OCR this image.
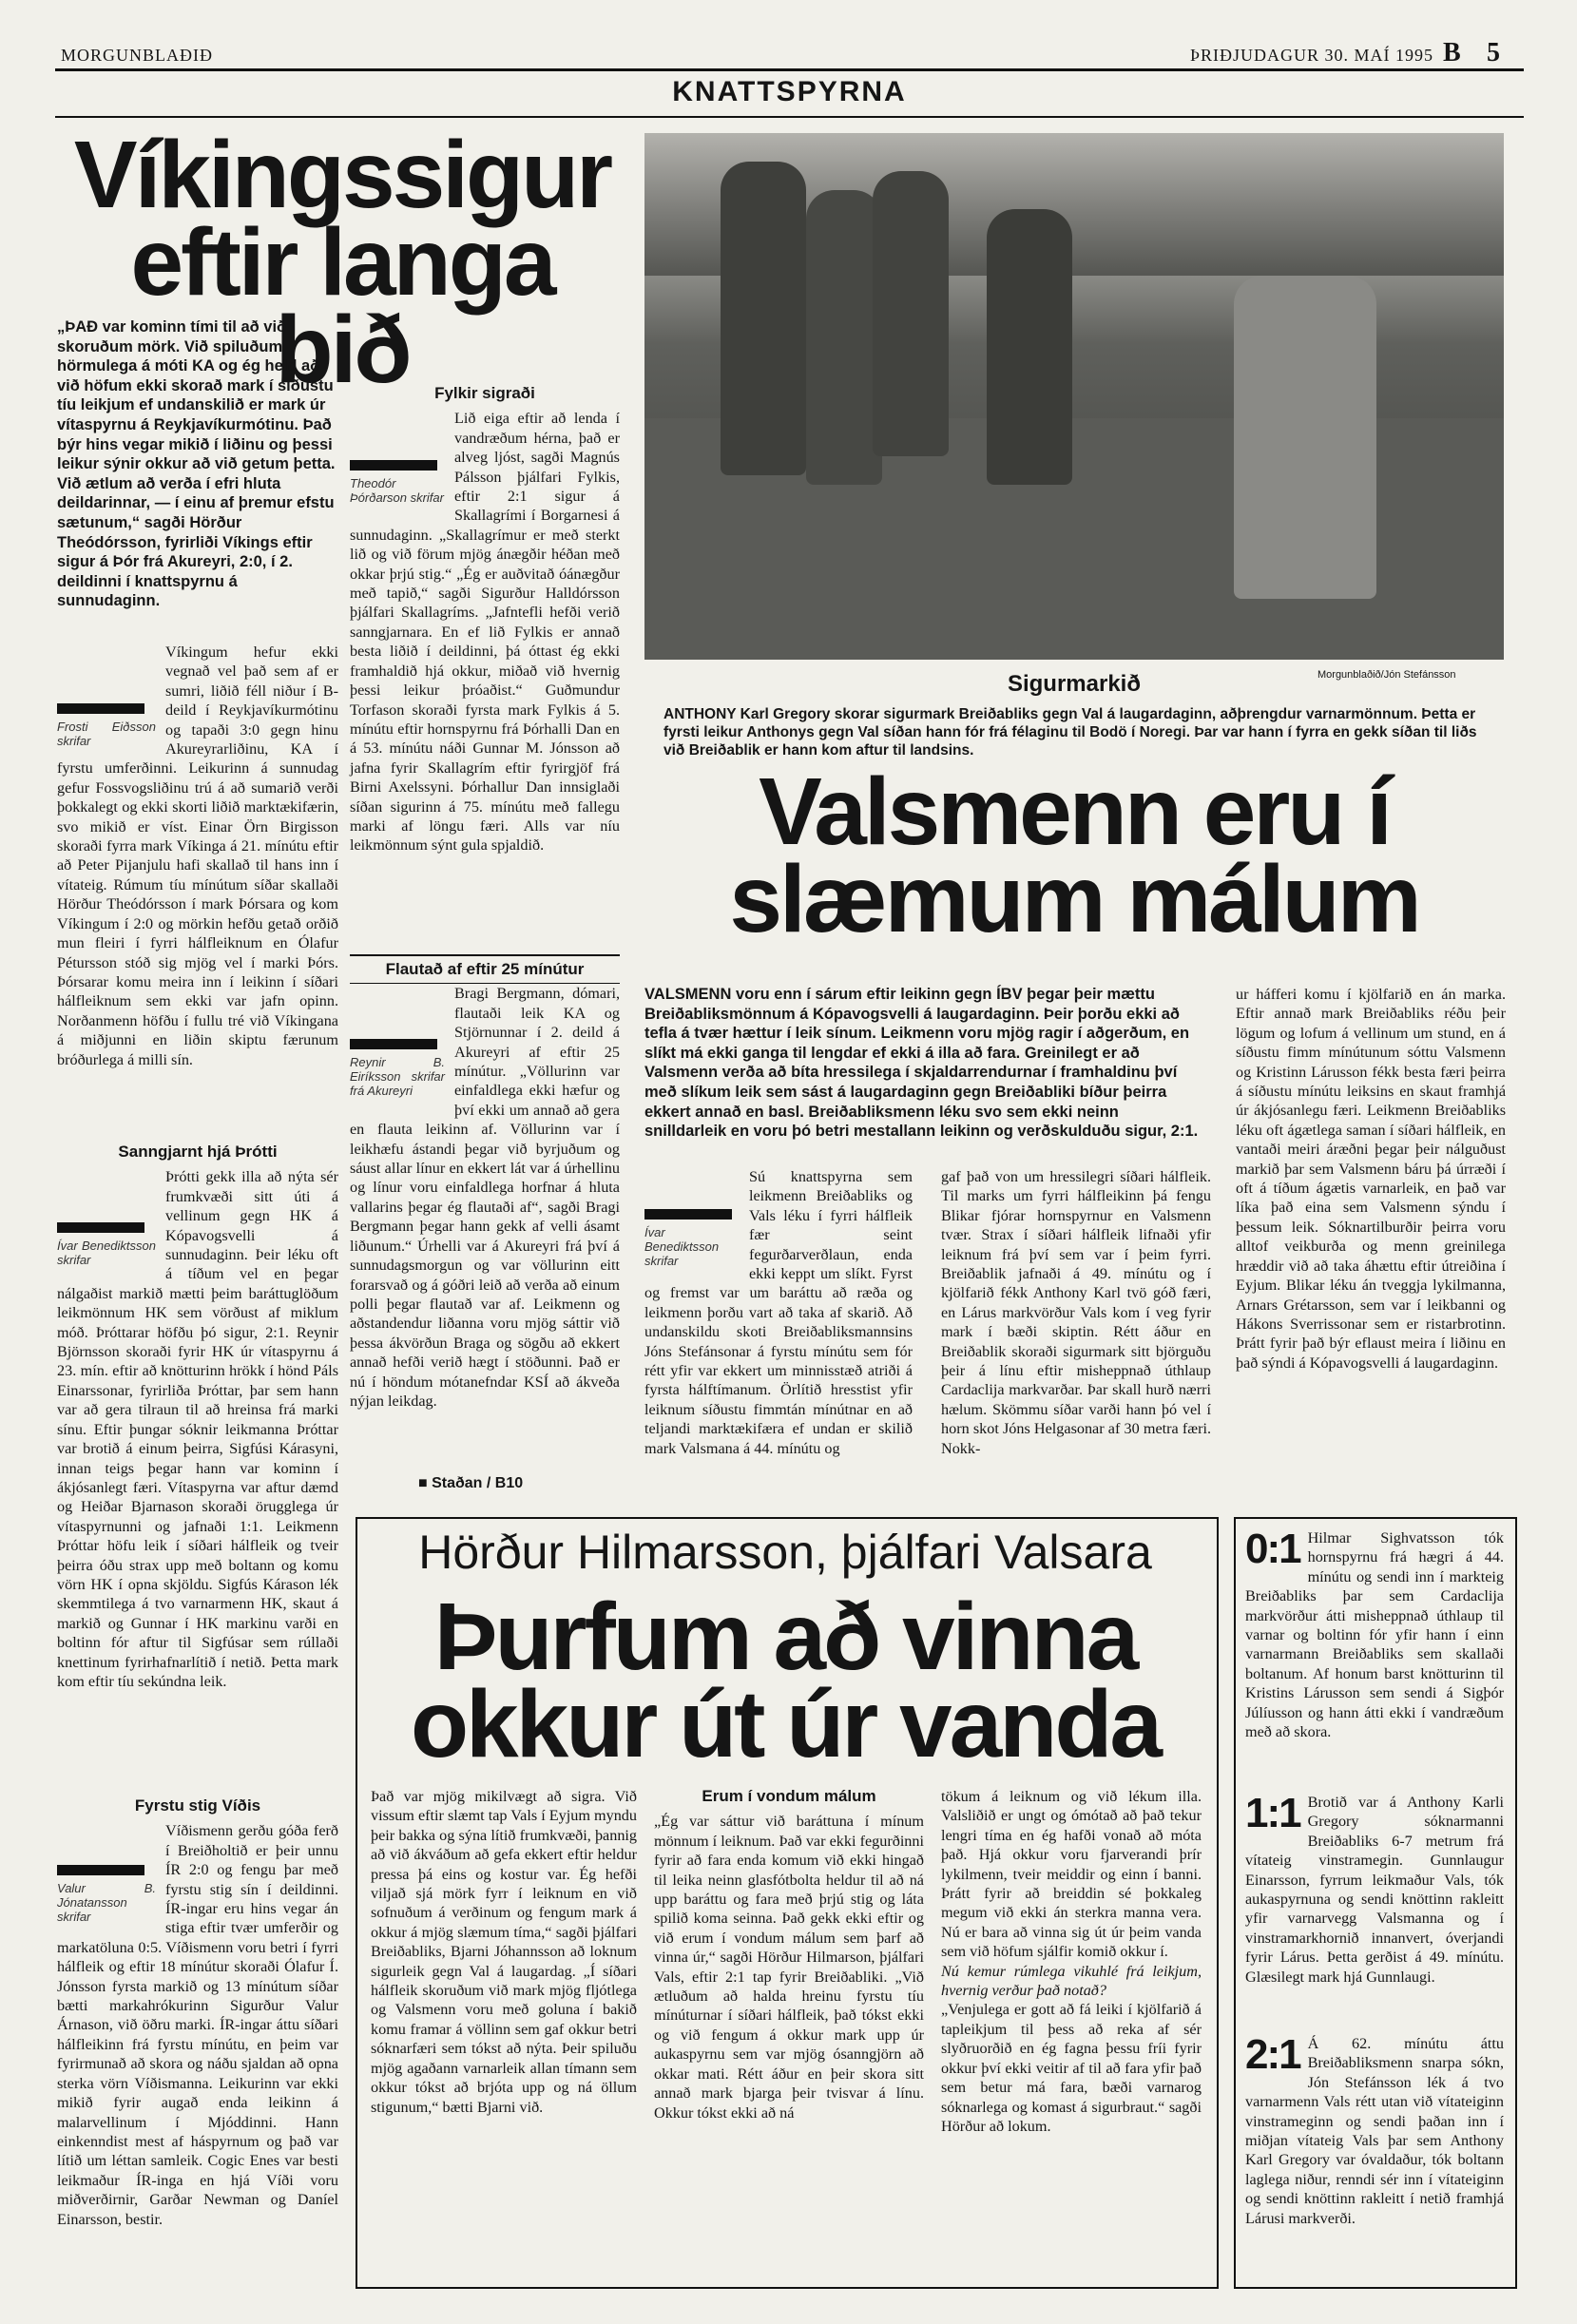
MORGUNBLAÐIÐ	ÞRIÐJUDAGUR 30. MAÍ 1995 B 5
KNATTSPYRNA
Víkingssigur
eftir langa bið
„ÞAÐ var kominn tími til að við skoruðum mörk. Við spiluðum hörmulega á móti KA og ég held að við höfum ekki skorað mark í síðustu tíu leikjum ef undanskilið er mark úr vítaspyrnu á Reykjavíkurmótinu. Það býr hins vegar mikið í liðinu og þessi leikur sýnir okkur að við getum þetta. Við ætlum að verða í efri hluta deildarinnar, — í einu af þremur efstu sætunum,“ sagði Hörður Theódórsson, fyrirliði Víkings eftir sigur á Þór frá Akureyri, 2:0, í 2. deildinni í knattspyrnu á sunnudaginn.
Frosti Eiðsson skrifar

Víkingum hefur ekki vegnað vel það sem af er sumri, liðið féll niður í B-deild í Reykjavíkurmótinu og tapaði 3:0 gegn hinu Akureyrarliðinu, KA í fyrstu umferðinni. Leikurinn á sunnudag gefur Fossvogsliðinu trú á að sumarið verði þokkalegt og ekki skorti liðið marktækifærin, svo mikið er víst. Einar Örn Birgisson skoraði fyrra mark Víkinga á 21. mínútu eftir að Peter Pijanjulu hafi skallað til hans inn í vítateig. Rúmum tíu mínútum síðar skallaði Hörður Theódórsson í mark Þórsara og kom Víkingum í 2:0 og mörkin hefðu getað orðið mun fleiri í fyrri hálfleiknum en Ólafur Pétursson stóð sig mjög vel í marki Þórs. Þórsarar komu meira inn í leikinn í síðari hálfleiknum sem ekki var jafn opinn. Norðanmenn höfðu í fullu tré við Víkingana á miðjunni en liðin skiptu færunum bróðurlega á milli sín.

Sanngjarnt hjá Þrótti
Ívar Benediktsson skrifar

Þrótti gekk illa að nýta sér frumkvæði sitt úti á vellinum gegn HK á Kópavogsvelli á sunnudaginn. Þeir léku oft á tíðum vel en þegar nálgaðist markið mætti þeim baráttuglöðum leikmönnum HK sem vörðust af miklum móð. Þróttarar höfðu þó sigur, 2:1. Reynir Björnsson skoraði fyrir HK úr vítaspyrnu á 23. mín. eftir að knötturinn hrökk í hönd Páls Einarssonar, fyrirliða Þróttar, þar sem hann var að gera tilraun til að hreinsa frá marki sínu. Eftir þungar sóknir leikmanna Þróttar var brotið á einum þeirra, Sigfúsi Kárasyni, innan teigs þegar hann var kominn í ákjósanlegt færi. Vítaspyrna var aftur dæmd og Heiðar Bjarnason skoraði örugglega úr vítaspyrnunni og jafnaði 1:1. Leikmenn Þróttar höfu leik í síðari hálfleik og tveir þeirra óðu strax upp með boltann og komu vörn HK í opna skjöldu. Sigfús Kárason lék skemmtilega á tvo varnarmenn HK, skaut á markið og Gunnar í HK markinu varði en boltinn fór aftur til Sigfúsar sem rúllaði knettinum fyrirhafnarlítið í netið. Þetta mark kom eftir tíu sekúndna leik.

Fyrstu stig Víðis
Valur B. Jónatansson skrifar

Víðismenn gerðu góða ferð í Breiðholtið er þeir unnu ÍR 2:0 og fengu þar með fyrstu stig sín í deildinni. ÍR-ingar eru hins vegar án stiga eftir tvær umferðir og markatöluna 0:5. Víðismenn voru betri í fyrri hálfleik og eftir 18 mínútur skoraði Ólafur Í. Jónsson fyrsta markið og 13 mínútum síðar bætti markahrókurinn Sigurður Valur Árnason, við öðru marki. ÍR-ingar áttu síðari hálfleikinn frá fyrstu mínútu, en þeim var fyrirmunað að skora og náðu sjaldan að opna sterka vörn Víðismanna. Leikurinn var ekki mikið fyrir augað enda leikinn á malarvellinum í Mjóddinni. Hann einkenndist mest af háspyrnum og það var lítið um léttan samleik. Cogic Enes var besti leikmaður ÍR-inga en hjá Víði voru miðverðirnir, Garðar Newman og Daníel Einarsson, bestir.

Fylkir sigraði
Theodór Þórðarson skrifar

Lið eiga eftir að lenda í vandræðum hérna, það er alveg ljóst, sagði Magnús Pálsson þjálfari Fylkis, eftir 2:1 sigur á Skallagrími í Borgarnesi á sunnudaginn. „Skallagrímur er með sterkt lið og við förum mjög ánægðir héðan með okkar þrjú stig.“ „Ég er auðvitað óánægður með tapið,“ sagði Sigurður Halldórsson þjálfari Skallagríms. „Jafntefli hefði verið sanngjarnara. En ef lið Fylkis er annað besta liðið í deildinni, þá óttast ég ekki framhaldið hjá okkur, miðað við hvernig þessi leikur þróaðist.“ Guðmundur Torfason skoraði fyrsta mark Fylkis á 5. mínútu eftir hornspyrnu frá Þórhalli Dan en á 53. mínútu náði Gunnar M. Jónsson að jafna fyrir Skallagrím eftir fyrirgjöf frá Birni Axelssyni. Þórhallur Dan innsiglaði síðan sigurinn á 75. mínútu með fallegu marki af löngu færi. Alls var níu leikmönnum sýnt gula spjaldið.

Flautað af eftir 25 mínútur
Reynir B. Eiríksson skrifar frá Akureyri

Bragi Bergmann, dómari, flautaði leik KA og Stjörnunnar í 2. deild á Akureyri af eftir 25 mínútur. „Völlurinn var einfaldlega ekki hæfur og því ekki um annað að gera en flauta leikinn af. Völlurinn var í leikhæfu ástandi þegar við byrjuðum og sáust allar línur en ekkert lát var á úrhellinu og línur voru einfaldlega horfnar á hluta vallarins þegar ég flautaði af“, sagði Bragi Bergmann þegar hann gekk af velli ásamt liðunum.“ Úrhelli var á Akureyri frá því á sunnudagsmorgun og var völlurinn eitt forarsvað og á góðri leið að verða að einum polli þegar flautað var af. Leikmenn og aðstandendur liðanna voru mjög sáttir við þessa ákvörðun Braga og sögðu að ekkert annað hefði verið hægt í stöðunni. Það er nú í höndum mótanefndar KSÍ að ákveða nýjan leikdag.

■ Staðan / B10
Morgunblaðið/Jón Stefánsson
Sigurmarkið
ANTHONY Karl Gregory skorar sigurmark Breiðabliks gegn Val á laugardaginn, aðþrengdur varnarmönnum. Þetta er fyrsti leikur Anthonys gegn Val síðan hann fór frá félaginu til Bodö í Noregi. Þar var hann í fyrra en gekk síðan til liðs við Breiðablik er hann kom aftur til landsins.
Valsmenn eru í
slæmum málum
VALSMENN voru enn í sárum eftir leikinn gegn ÍBV þegar þeir mættu Breiðabliksmönnum á Kópavogsvelli á laugardaginn. Þeir þorðu ekki að tefla á tvær hættur í leik sínum. Leikmenn voru mjög ragir í aðgerðum, en slíkt má ekki ganga til lengdar ef ekki á illa að fara. Greinilegt er að Valsmenn verða að bíta hressilega í skjaldarrendurnar í framhaldinu því með slíkum leik sem sást á laugardaginn gegn Breiðabliki bíður þeirra ekkert annað en basl. Breiðabliksmenn léku svo sem ekki neinn snilldarleik en voru þó betri mestallann leikinn og verðskulduðu sigur, 2:1.
Ívar Benediktsson skrifar

Sú knattspyrna sem leikmenn Breiðabliks og Vals léku í fyrri hálfleik fær seint fegurðarverðlaun, enda ekki keppt um slíkt. Fyrst og fremst var um baráttu að ræða og leikmenn þorðu vart að taka af skarið. Að undanskildu skoti Breiðabliksmannsins Jóns Stefánsonar á fyrstu mínútu sem fór rétt yfir var ekkert um minnisstæð atriði á fyrsta hálftímanum. Örlítið hresstist yfir leiknum síðustu fimmtán mínútnar en að teljandi marktækifæra ef undan er skilið mark Valsmana á 44. mínútu og

gaf það von um hressilegri síðari hálfleik. Til marks um fyrri hálfleikinn þá fengu Blikar fjórar hornspyrnur en Valsmenn tvær. Strax í síðari hálfleik lifnaði yfir leiknum frá því sem var í þeim fyrri. Breiðablik jafnaði á 49. mínútu og í kjölfarið fékk Anthony Karl tvö góð færi, en Lárus markvörður Vals kom í veg fyrir mark í bæði skiptin. Rétt áður en Breiðablik skoraði sigurmark sitt björguðu þeir á línu eftir misheppnað úthlaup Cardaclija markvarðar. Þar skall hurð nærri hælum. Skömmu síðar varði hann þó vel í horn skot Jóns Helgasonar af 30 metra færi. Nokk-
ur háfferi komu í kjölfarið en án marka. Eftir annað mark Breiðabliks réðu þeir lögum og lofum á vellinum um stund, en á síðustu fimm mínútunum sóttu Valsmenn og Kristinn Lárusson fékk besta færi þeirra á síðustu mínútu leiksins en skaut framhjá úr ákjósanlegu færi. Leikmenn Breiðabliks léku oft ágætlega saman í síðari hálfleik, en vantaði meiri áræðni þegar þeir nálguðust markið þar sem Valsmenn báru þá úrræði í oft á tíðum ágætis varnarleik, en það var líka það eina sem Valsmenn sýndu í þessum leik. Sóknartilburðir þeirra voru alltof veikburða og menn greinilega hræddir við að taka áhættu eftir útreiðina í Eyjum. Blikar léku án tveggja lykilmanna, Arnars Grétarsson, sem var í leikbanni og Hákons Sverrissonar sem er ristarbrotinn. Þrátt fyrir það býr eflaust meira í liðinu en það sýndi á Kópavogsvelli á laugardaginn.
Hörður Hilmarsson, þjálfari Valsara
Þurfum að vinna
okkur út úr vanda
Það var mjög mikilvægt að sigra. Við vissum eftir slæmt tap Vals í Eyjum myndu þeir bakka og sýna lítið frumkvæði, þannig að við ákváðum að gefa ekkert eftir heldur pressa þá eins og kostur var. Ég hefði viljað sjá mörk fyrr í leiknum en við sofnuðum á verðinum og fengum mark á okkur á mjög slæmum tíma,“ sagði þjálfari Breiðabliks, Bjarni Jóhannsson að loknum sigurleik gegn Val á laugardag. „Í síðari hálfleik skoruðum við mark mjög fljótlega og Valsmenn voru með goluna í bakið komu framar á völlinn sem gaf okkur betri sóknarfæri sem tókst að nýta. Þeir spiluðu mjög agaðann varnarleik allan tímann sem okkur tókst að brjóta upp og ná öllum stigunum,“ bætti Bjarni við.
Erum í vondum málum

„Ég var sáttur við baráttuna í mínum mönnum í leiknum. Það var ekki fegurðinni fyrir að fara enda komum við ekki hingað til leika neinn glasfótbolta heldur til að ná upp baráttu og fara með þrjú stig og láta spilið koma seinna. Það gekk ekki eftir og við erum í vondum málum sem þarf að vinna úr,“ sagði Hörður Hilmarson, þjálfari Vals, eftir 2:1 tap fyrir Breiðabliki. „Við ætluðum að halda hreinu fyrstu tíu mínúturnar í síðari hálfleik, það tókst ekki og við fengum á okkur mark upp úr aukaspyrnu sem var mjög ósanngjörn að okkar mati. Rétt áður en þeir skora sitt annað mark bjarga þeir tvisvar á línu. Okkur tókst ekki að ná

tökum á leiknum og við lékum illa. Valsliðið er ungt og ómótað að það tekur lengri tíma en ég hafði vonað að móta það. Hjá okkur voru fjarverandi þrír lykilmenn, tveir meiddir og einn í banni. Þrátt fyrir að breiddin sé þokkaleg megum við ekki án sterkra manna vera. Nú er bara að vinna sig út úr þeim vanda sem við höfum sjálfir komið okkur í.

Nú kemur rúmlega vikuhlé frá leikjum, hvernig verður það notað?

„Venjulega er gott að fá leiki í kjölfarið á tapleikjum til þess að reka af sér slyðruorðið en ég fagna þessu fríi fyrir okkur því ekki veitir af til að fara yfir það sem betur má fara, bæði varnarog sóknarlega og komast á sigurbraut.“ sagði Hörður að lokum.

0:1 Hilmar Sighvatsson tók hornspyrnu frá hægri á 44. mínútu og sendi inn í markteig Breiðabliks þar sem Cardaclija markvörður átti misheppnað úthlaup til varnar og boltinn fór yfir hann í einn varnarmann Breiðabliks sem skallaði boltanum. Af honum barst knötturinn til Kristins Lárusson sem sendi á Sigþór Júlíusson og hann átti ekki í vandræðum með að skora.

1:1 Brotið var á Anthony Karli Gregory sóknarmanni Breiðabliks 6-7 metrum frá vítateig vinstramegin. Gunnlaugur Einarsson, fyrrum leikmaður Vals, tók aukaspyrnuna og sendi knöttinn rakleitt yfir varnarvegg Valsmanna og í vinstramarkhornið innanvert, óverjandi fyrir Lárus. Þetta gerðist á 49. mínútu. Glæsilegt mark hjá Gunnlaugi.

2:1 Á 62. mínútu áttu Breiðabliksmenn snarpa sókn, Jón Stefánsson lék á tvo varnarmenn Vals rétt utan við vítateiginn vinstrameginn og sendi þaðan inn í miðjan vítateig Vals þar sem Anthony Karl Gregory var óvaldaður, tók boltann laglega niður, renndi sér inn í vítateiginn og sendi knöttinn rakleitt í netið framhjá Lárusi markverði.
